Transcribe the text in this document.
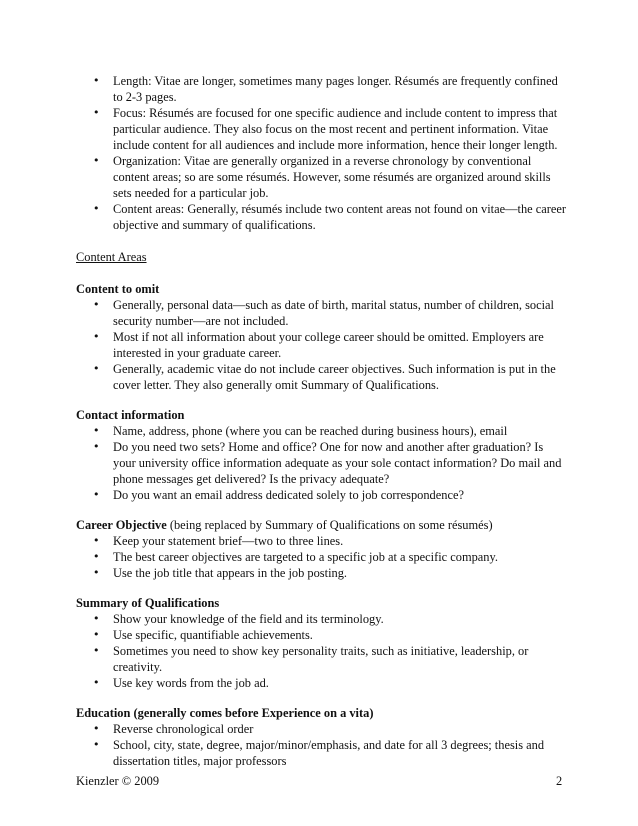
•	Length: Vitae are longer, sometimes many pages longer. Résumés are frequently confined to 2-3 pages.
•	Focus: Résumés are focused for one specific audience and include content to impress that particular audience. They also focus on the most recent and pertinent information. Vitae include content for all audiences and include more information, hence their longer length.
•	Organization: Vitae are generally organized in a reverse chronology by conventional content areas; so are some résumés. However, some résumés are organized around skills sets needed for a particular job.
•	Content areas: Generally, résumés include two content areas not found on vitae—the career objective and summary of qualifications.
Content Areas
Content to omit
•	Generally, personal data—such as date of birth, marital status, number of children, social security number—are not included.
•	Most if not all information about your college career should be omitted. Employers are interested in your graduate career.
•	Generally, academic vitae do not include career objectives. Such information is put in the cover letter. They also generally omit Summary of Qualifications.
Contact information
•	Name, address, phone (where you can be reached during business hours), email
•	Do you need two sets? Home and office? One for now and another after graduation? Is your university office information adequate as your sole contact information? Do mail and phone messages get delivered? Is the privacy adequate?
•	Do you want an email address dedicated solely to job correspondence?
Career Objective (being replaced by Summary of Qualifications on some résumés)
•	Keep your statement brief—two to three lines.
•	The best career objectives are targeted to a specific job at a specific company.
•	Use the job title that appears in the job posting.
Summary of Qualifications
•	Show your knowledge of the field and its terminology.
•	Use specific, quantifiable achievements.
•	Sometimes you need to show key personality traits, such as initiative, leadership, or creativity.
•	Use key words from the job ad.
Education (generally comes before Experience on a vita)
•	Reverse chronological order
•	School, city, state, degree, major/minor/emphasis, and date for all 3 degrees; thesis and dissertation titles, major professors
Kienzler © 2009	2
